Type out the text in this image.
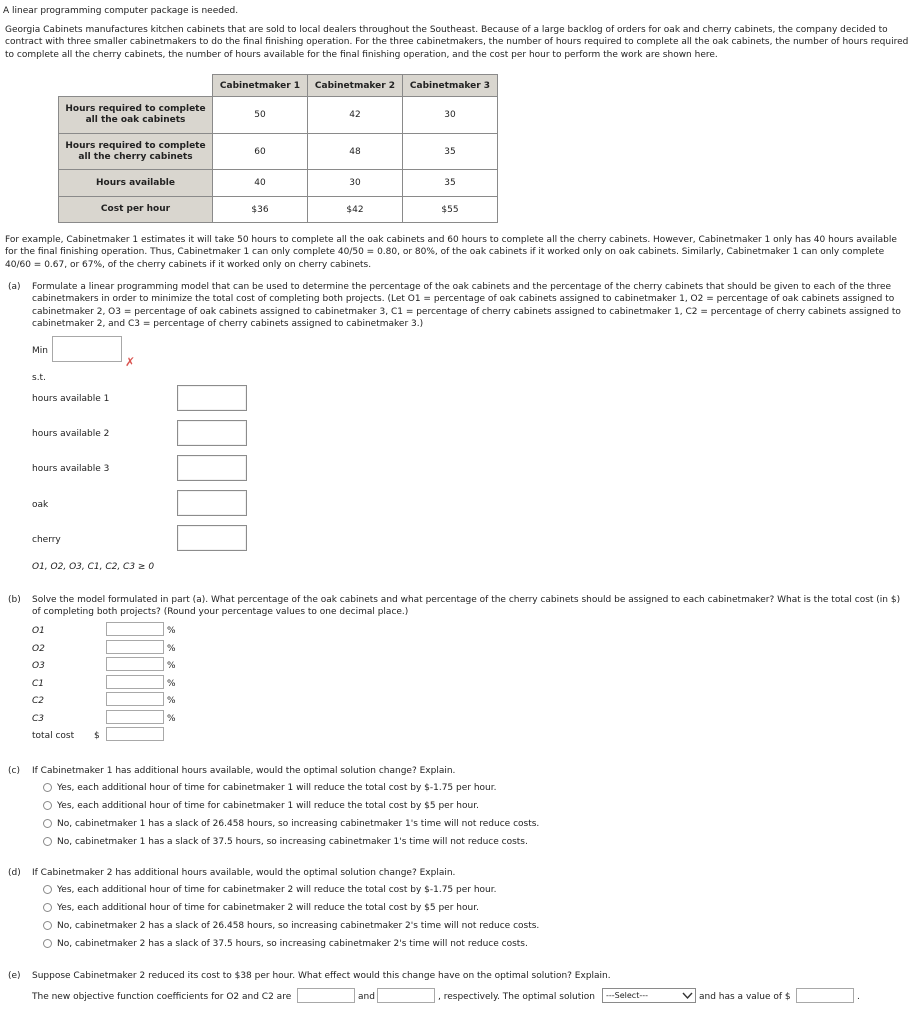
A linear programming computer package is needed.
Georgia Cabinets manufactures kitchen cabinets that are sold to local dealers throughout the Southeast. Because of a large backlog of orders for oak and cherry cabinets, the company decided to contract with three smaller cabinetmakers to do the final finishing operation. For the three cabinetmakers, the number of hours required to complete all the oak cabinets, the number of hours required to complete all the cherry cabinets, the number of hours available for the final finishing operation, and the cost per hour to perform the work are shown here.
	Cabinetmaker 1	Cabinetmaker 2	Cabinetmaker 3
Hours required to complete all the oak cabinets	50	42	30
Hours required to complete all the cherry cabinets	60	48	35
Hours available	40	30	35
Cost per hour	$36	$42	$55
For example, Cabinetmaker 1 estimates it will take 50 hours to complete all the oak cabinets and 60 hours to complete all the cherry cabinets. However, Cabinetmaker 1 only has 40 hours available for the final finishing operation. Thus, Cabinetmaker 1 can only complete 40/50 = 0.80, or 80%, of the oak cabinets if it worked only on oak cabinets. Similarly, Cabinetmaker 1 can only complete 40/60 = 0.67, or 67%, of the cherry cabinets if it worked only on cherry cabinets.
(a) Formulate a linear programming model that can be used to determine the percentage of the oak cabinets and the percentage of the cherry cabinets that should be given to each of the three cabinetmakers in order to minimize the total cost of completing both projects. (Let O1 = percentage of oak cabinets assigned to cabinetmaker 1, O2 = percentage of oak cabinets assigned to cabinetmaker 2, O3 = percentage of oak cabinets assigned to cabinetmaker 3, C1 = percentage of cherry cabinets assigned to cabinetmaker 1, C2 = percentage of cherry cabinets assigned to cabinetmaker 2, and C3 = percentage of cherry cabinets assigned to cabinetmaker 3.)
Min
✗
s.t.
hours available 1
hours available 2
hours available 3
oak
cherry
O1, O2, O3, C1, C2, C3 ≥ 0
(b) Solve the model formulated in part (a). What percentage of the oak cabinets and what percentage of the cherry cabinets should be assigned to each cabinetmaker? What is the total cost (in $) of completing both projects? (Round your percentage values to one decimal place.)
O1	%
O2	%
O3	%
C1	%
C2	%
C3	%
total cost $
(c) If Cabinetmaker 1 has additional hours available, would the optimal solution change? Explain.
Yes, each additional hour of time for cabinetmaker 1 will reduce the total cost by $-1.75 per hour.
Yes, each additional hour of time for cabinetmaker 1 will reduce the total cost by $5 per hour.
No, cabinetmaker 1 has a slack of 26.458 hours, so increasing cabinetmaker 1's time will not reduce costs.
No, cabinetmaker 1 has a slack of 37.5 hours, so increasing cabinetmaker 1's time will not reduce costs.
(d) If Cabinetmaker 2 has additional hours available, would the optimal solution change? Explain.
Yes, each additional hour of time for cabinetmaker 2 will reduce the total cost by $-1.75 per hour.
Yes, each additional hour of time for cabinetmaker 2 will reduce the total cost by $5 per hour.
No, cabinetmaker 2 has a slack of 26.458 hours, so increasing cabinetmaker 2's time will not reduce costs.
No, cabinetmaker 2 has a slack of 37.5 hours, so increasing cabinetmaker 2's time will not reduce costs.
(e) Suppose Cabinetmaker 2 reduced its cost to $38 per hour. What effect would this change have on the optimal solution? Explain.
The new objective function coefficients for O2 and C2 are	and	, respectively. The optimal solution ---Select---	and has a value of $	.
